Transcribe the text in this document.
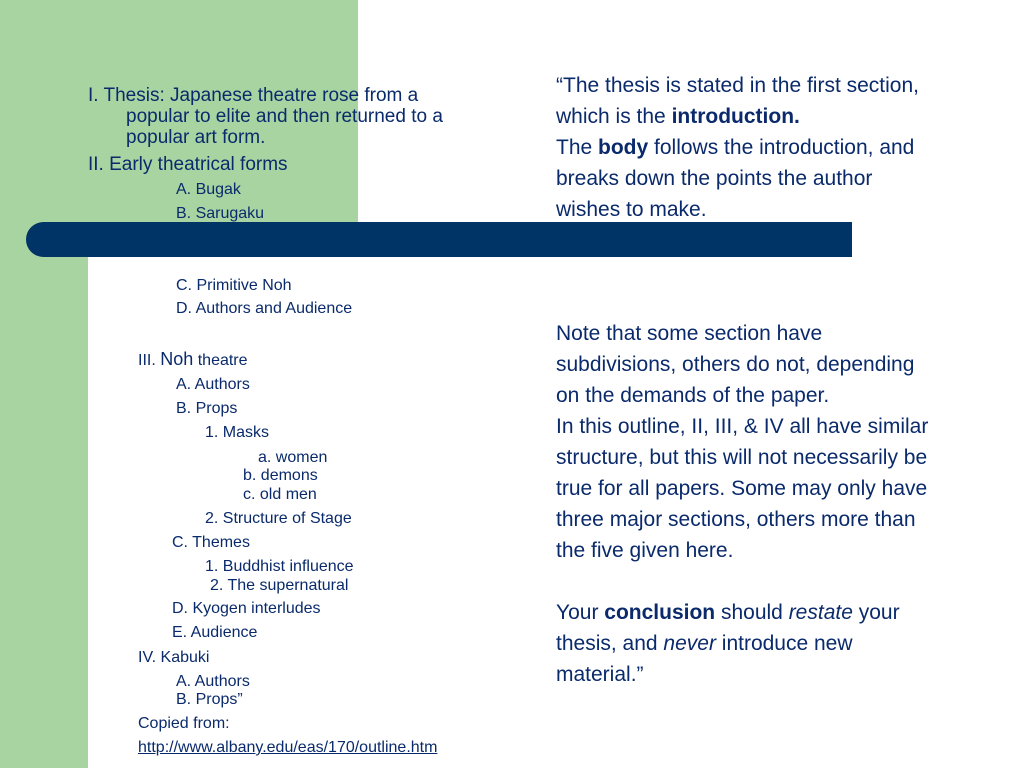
I. Thesis: Japanese theatre rose from a
popular to elite and then returned to a
popular art form.
II. Early theatrical forms
A. Bugak
B. Sarugaku
C. Primitive Noh
D. Authors and Audience
III. Noh theatre
A. Authors
B. Props
1. Masks
a. women
b. demons
c. old men
2. Structure of Stage
C. Themes
1. Buddhist influence
2. The supernatural
D. Kyogen interludes
E. Audience
IV. Kabuki
A. Authors
B. Props”
Copied from:
http://www.albany.edu/eas/170/outline.htm

“The thesis is stated in the first section,

which is the introduction.

The body follows the introduction, and

breaks down the points the author

wishes to make.

Note that some section have

subdivisions, others do not, depending

on the demands of the paper.

In this outline, II, III, & IV all have similar

structure, but this will not necessarily be

true for all papers. Some may only have

three major sections, others more than

the five given here.

Your conclusion should restate your

thesis, and never introduce new

material.”
